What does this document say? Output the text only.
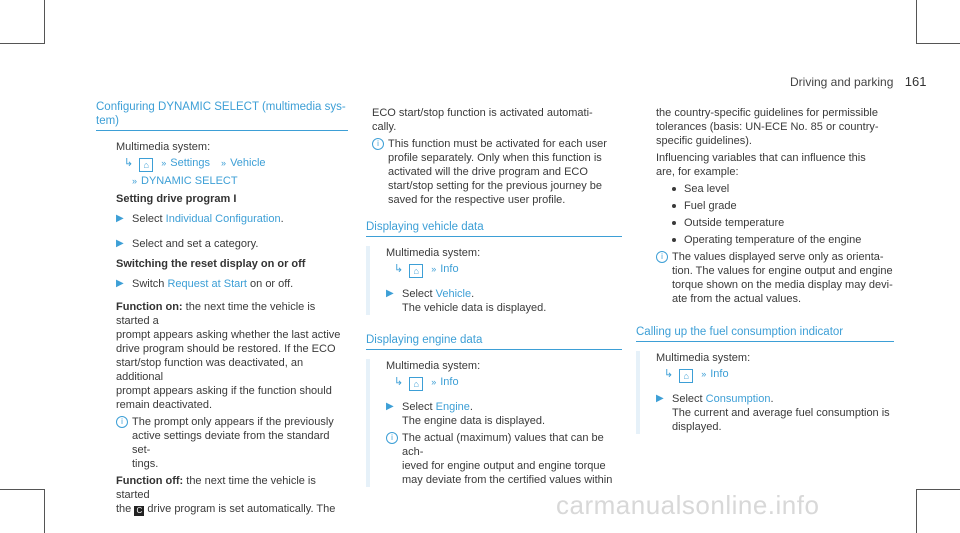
Driving and parking 161
Configuring DYNAMIC SELECT (multimedia sys-
tem)
Multimedia system:
↳ ⌂ » Settings » Vehicle
» DYNAMIC SELECT
Setting drive program I
▶ Select Individual Configuration.
▶ Select and set a category.
Switching the reset display on or off
▶ Switch Request at Start on or off.
Function on: the next time the vehicle is started a
prompt appears asking whether the last active
drive program should be restored. If the ECO
start/stop function was deactivated, an additional
prompt appears asking if the function should
remain deactivated.
i The prompt only appears if the previously
active settings deviate from the standard set-
tings.
Function off: the next time the vehicle is started
the C drive program is set automatically. The
ECO start/stop function is activated automati-
cally.
i This function must be activated for each user
profile separately. Only when this function is
activated will the drive program and ECO
start/stop setting for the previous journey be
saved for the respective user profile.
Displaying vehicle data
Multimedia system:
↳ ⌂ » Info
▶ Select Vehicle.
The vehicle data is displayed.
Displaying engine data
Multimedia system:
↳ ⌂ » Info
▶ Select Engine.
The engine data is displayed.
i The actual (maximum) values that can be ach-
ieved for engine output and engine torque
may deviate from the certified values within
the country-specific guidelines for permissible
tolerances (basis: UN-ECE No. 85 or country-
specific guidelines).
Influencing variables that can influence this
are, for example:
Sea level
Fuel grade
Outside temperature
Operating temperature of the engine
i The values displayed serve only as orienta-
tion. The values for engine output and engine
torque shown on the media display may devi-
ate from the actual values.
Calling up the fuel consumption indicator
Multimedia system:
↳ ⌂ » Info
▶ Select Consumption.
The current and average fuel consumption is
displayed.
carmanualsonline.info
